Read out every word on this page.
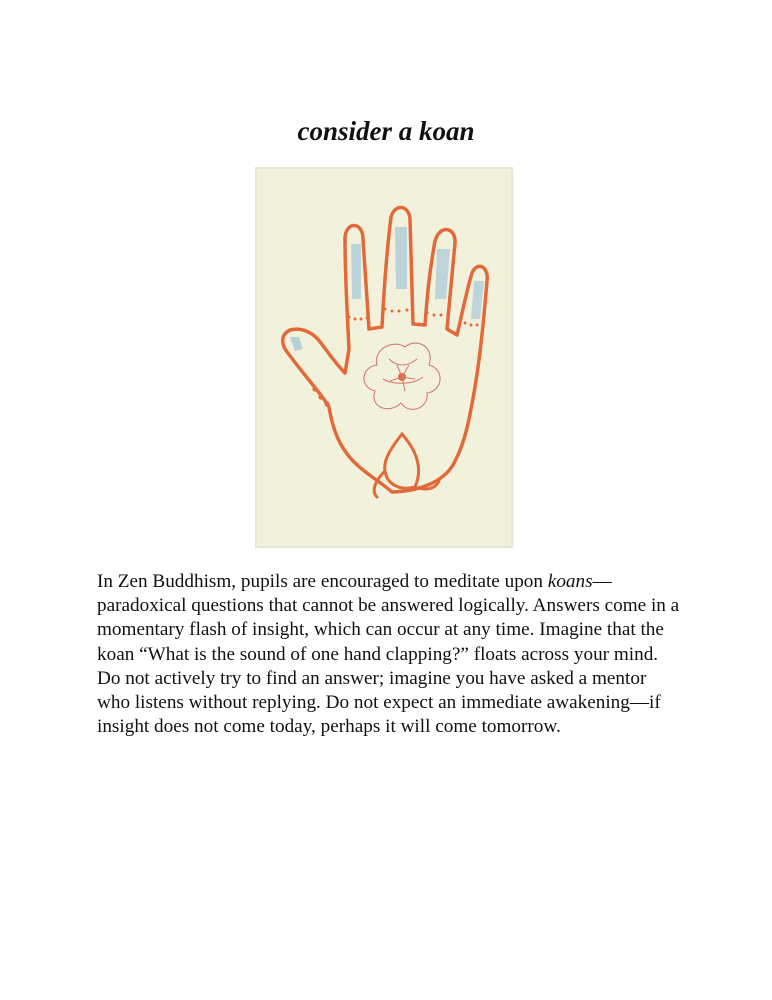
consider a koan

In Zen Buddhism, pupils are encouraged to meditate upon koans—
paradoxical questions that cannot be answered logically. Answers come in a
momentary flash of insight, which can occur at any time. Imagine that the
koan “What is the sound of one hand clapping?” floats across your mind.
Do not actively try to find an answer; imagine you have asked a mentor
who listens without replying. Do not expect an immediate awakening—if
insight does not come today, perhaps it will come tomorrow.
